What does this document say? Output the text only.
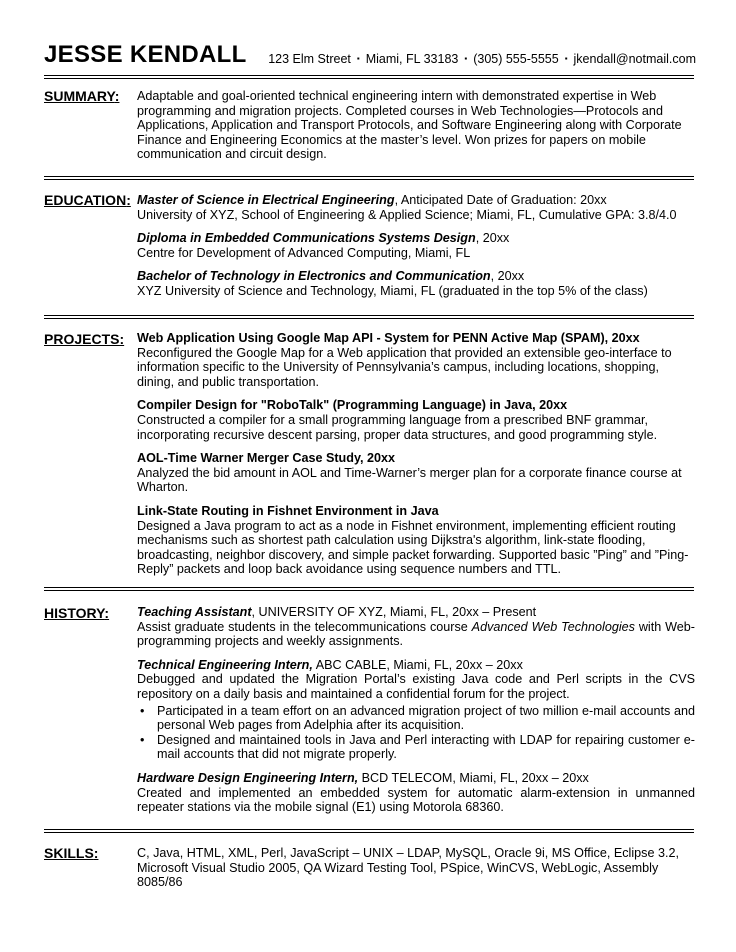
JESSE KENDALL 123 Elm Street ▪ Miami, FL 33183 ▪ (305) 555-5555 ▪ jkendall@notmail.com
SUMMARY: Adaptable and goal-oriented technical engineering intern with demonstrated expertise in Web programming and migration projects. Completed courses in Web Technologies—Protocols and Applications, Application and Transport Protocols, and Software Engineering along with Corporate Finance and Engineering Economics at the master’s level. Won prizes for papers on mobile communication and circuit design.

EDUCATION: Master of Science in Electrical Engineering, Anticipated Date of Graduation: 20xx

University of XYZ, School of Engineering & Applied Science; Miami, FL, Cumulative GPA: 3.8/4.0

Diploma in Embedded Communications Systems Design, 20xx

Centre for Development of Advanced Computing, Miami, FL

Bachelor of Technology in Electronics and Communication, 20xx

XYZ University of Science and Technology, Miami, FL (graduated in the top 5% of the class)

PROJECTS: Web Application Using Google Map API - System for PENN Active Map (SPAM), 20xx

Reconfigured the Google Map for a Web application that provided an extensible geo-interface to information specific to the University of Pennsylvania’s campus, including locations, shopping, dining, and public transportation.

Compiler Design for "RoboTalk" (Programming Language) in Java, 20xx

Constructed a compiler for a small programming language from a prescribed BNF grammar, incorporating recursive descent parsing, proper data structures, and good programming style.

AOL-Time Warner Merger Case Study, 20xx

Analyzed the bid amount in AOL and Time-Warner’s merger plan for a corporate finance course at Wharton.

Link-State Routing in Fishnet Environment in Java

Designed a Java program to act as a node in Fishnet environment, implementing efficient routing mechanisms such as shortest path calculation using Dijkstra's algorithm, link-state flooding, broadcasting, neighbor discovery, and simple packet forwarding. Supported basic ”Ping” and ”Ping-Reply” packets and loop back avoidance using sequence numbers and TTL.

HISTORY: Teaching Assistant, UNIVERSITY OF XYZ, Miami, FL, 20xx – Present

Assist graduate students in the telecommunications course Advanced Web Technologies with Web-programming projects and weekly assignments.

Technical Engineering Intern, ABC CABLE, Miami, FL, 20xx – 20xx

Debugged and updated the Migration Portal’s existing Java code and Perl scripts in the CVS repository on a daily basis and maintained a confidential forum for the project.

• Participated in a team effort on an advanced migration project of two million e-mail accounts and personal Web pages from Adelphia after its acquisition.
• Designed and maintained tools in Java and Perl interacting with LDAP for repairing customer e-mail accounts that did not migrate properly.

Hardware Design Engineering Intern, BCD TELECOM, Miami, FL, 20xx – 20xx

Created and implemented an embedded system for automatic alarm-extension in unmanned repeater stations via the mobile signal (E1) using Motorola 68360.

SKILLS:	C, Java, HTML, XML, Perl, JavaScript – UNIX – LDAP, MySQL, Oracle 9i, MS Office, Eclipse 3.2, Microsoft Visual Studio 2005, QA Wizard Testing Tool, PSpice, WinCVS, WebLogic, Assembly 8085/86
